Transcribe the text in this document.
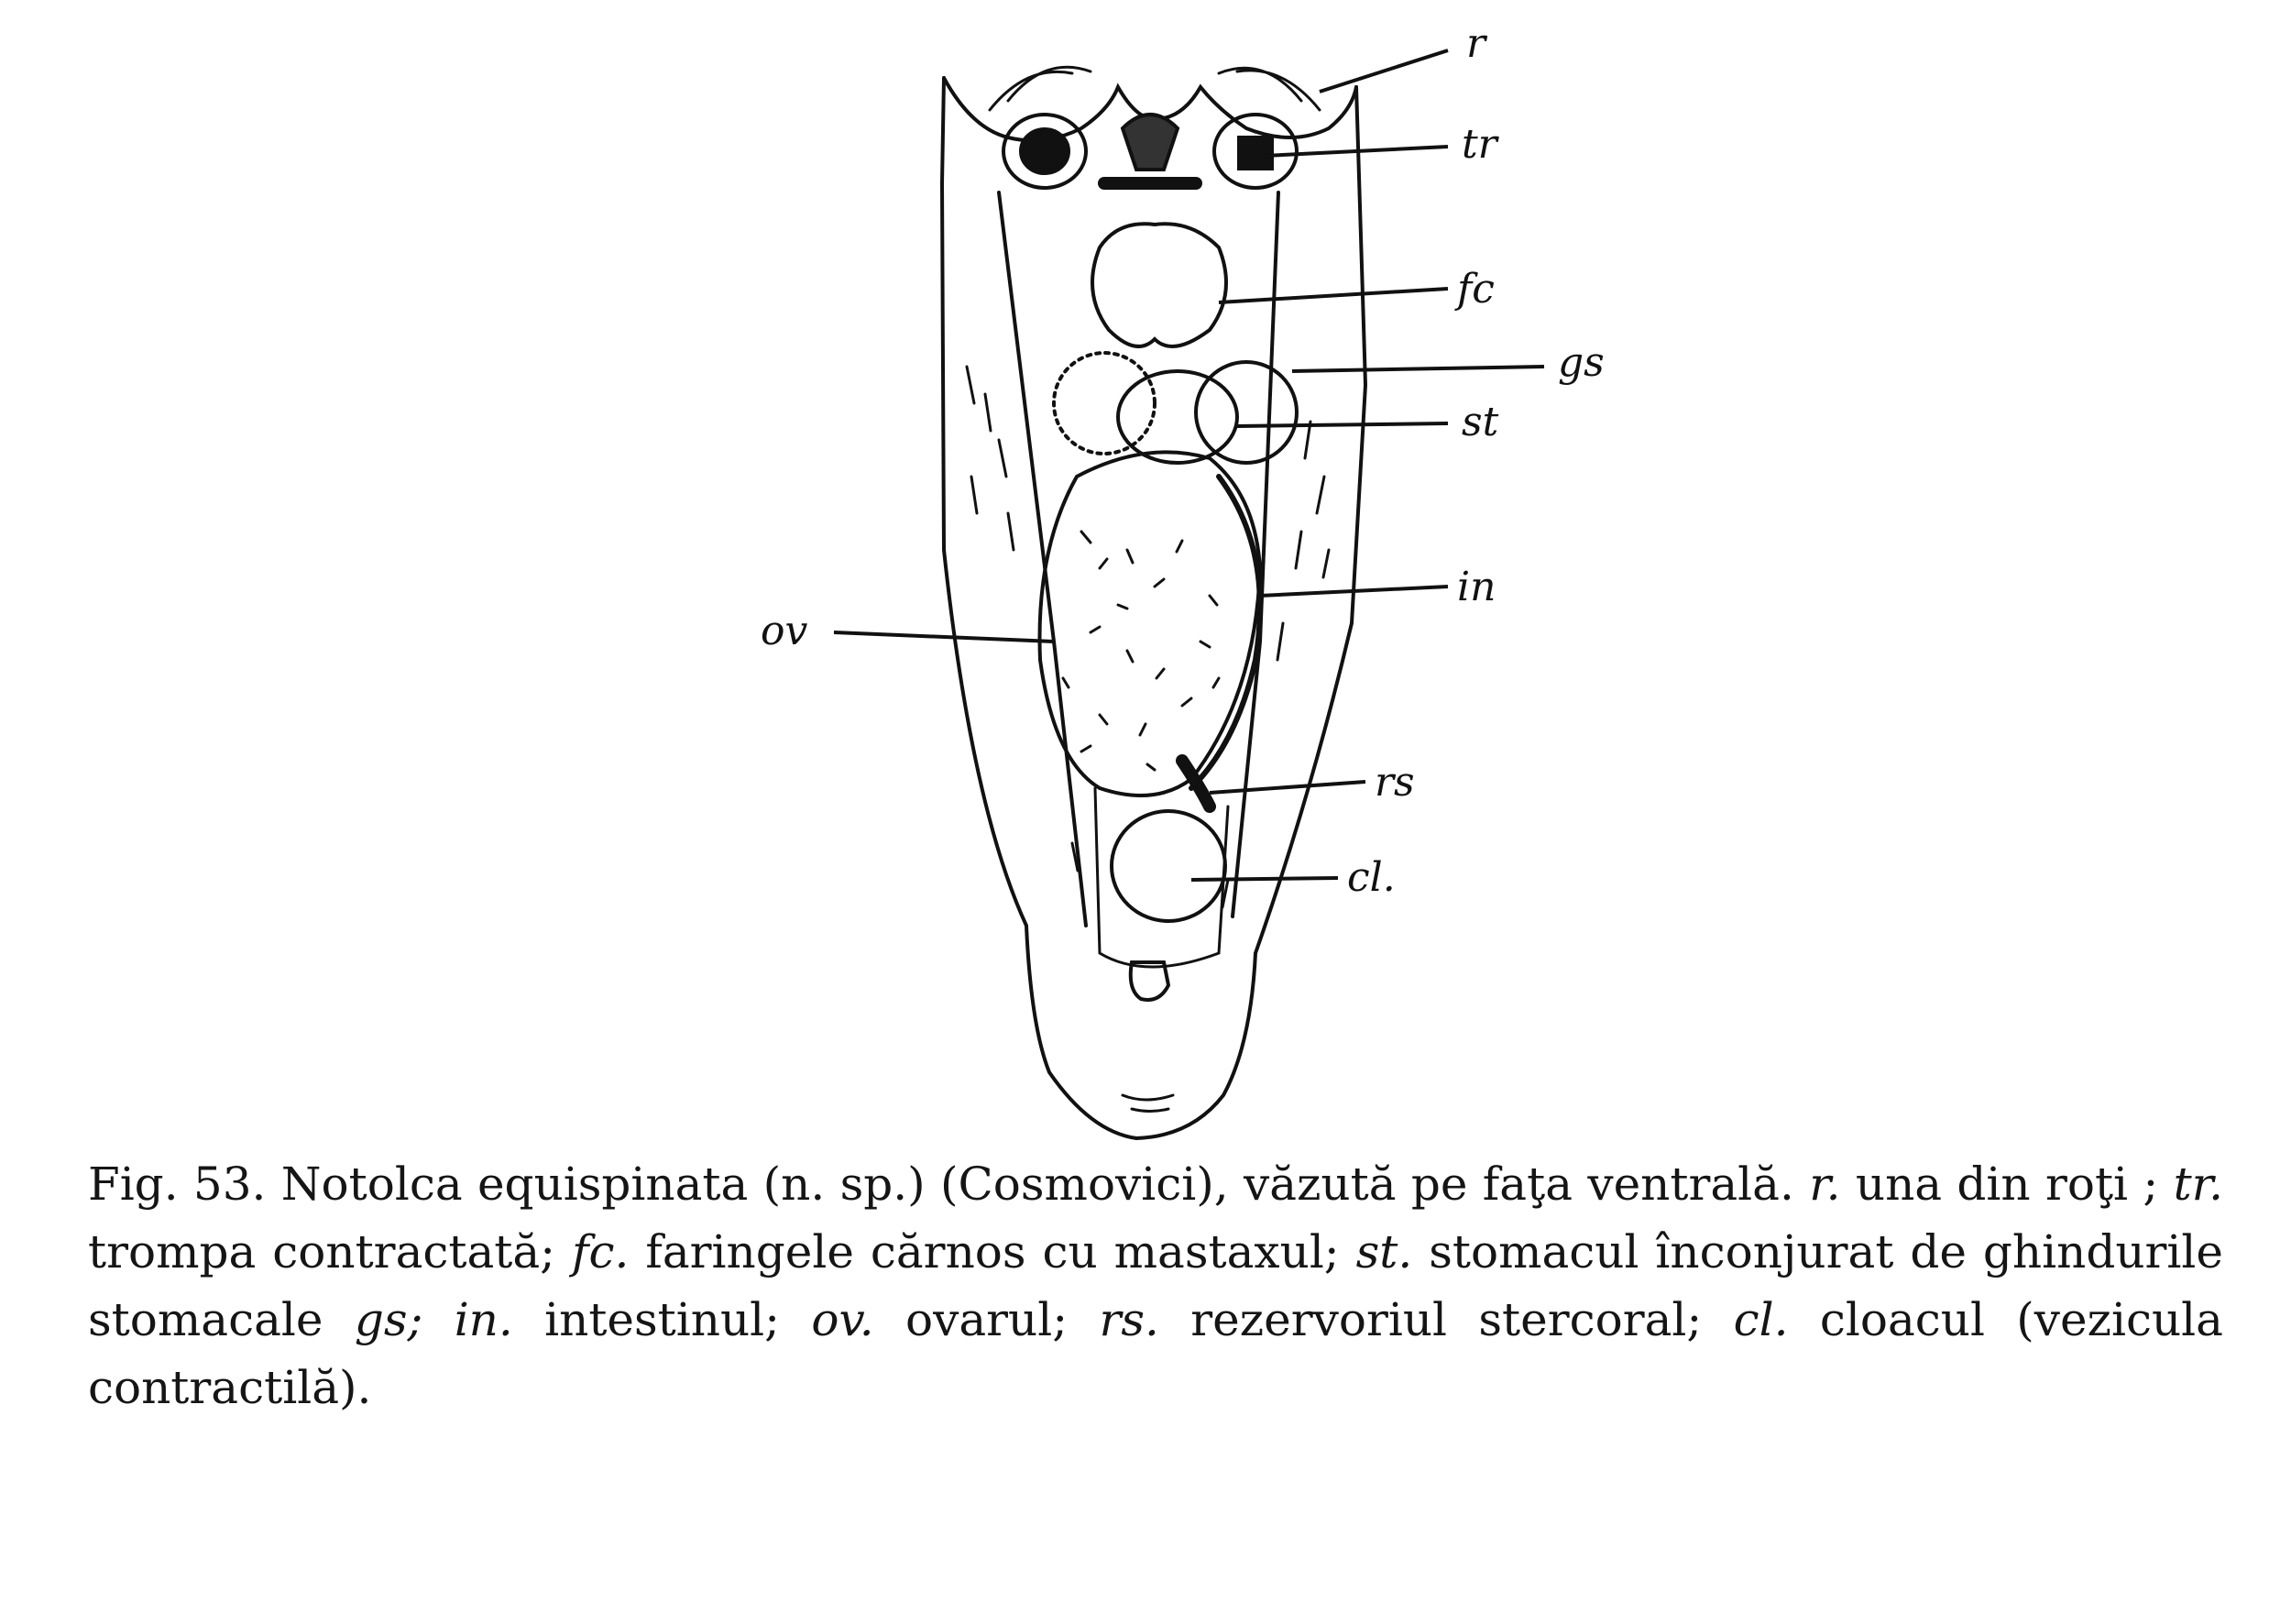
r
tr
fc
gs
st
in
ov
rs
cl.
Fig. 53. Notolca equispinata (n. sp.) (Cosmovici), văzută pe faţa ventrală. r. una din roţi ; tr. trompa contractată; fc. faringele cărnos cu mastaxul; st. stomacul înconjurat de ghindurile stomacale gs; in. intestinul; ov. ovarul; rs. rezervoriul stercoral; cl. cloacul (vezicula contractilă).
